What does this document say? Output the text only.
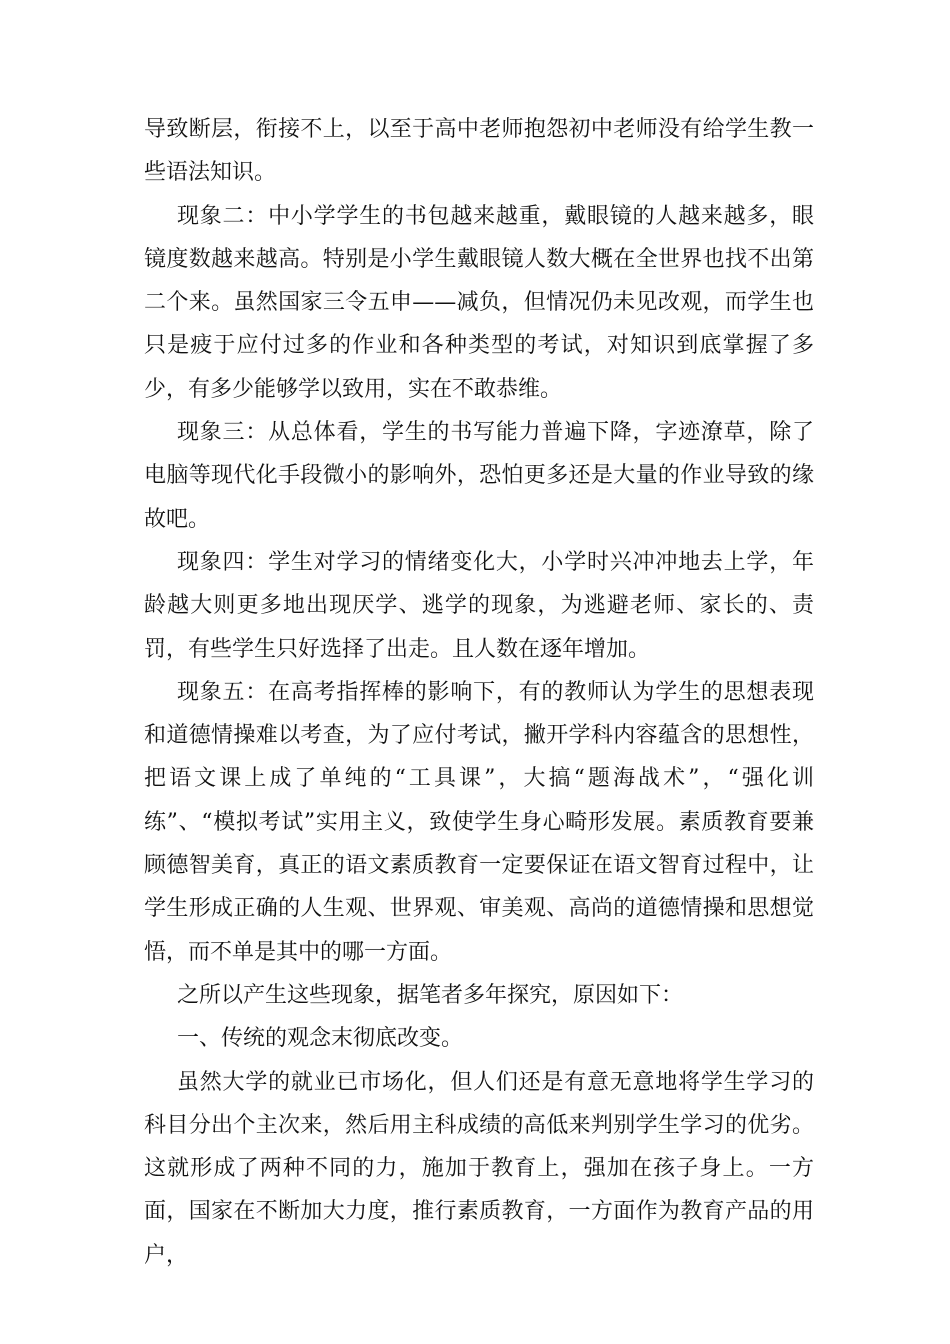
导致断层，衔接不上，以至于高中老师抱怨初中老师没有给学生教一些语法知识。

现象二：中小学学生的书包越来越重，戴眼镜的人越来越多，眼镜度数越来越高。特别是小学生戴眼镜人数大概在全世界也找不出第二个来。虽然国家三令五申——减负，但情况仍未见改观，而学生也只是疲于应付过多的作业和各种类型的考试，对知识到底掌握了多少，有多少能够学以致用，实在不敢恭维。

现象三：从总体看，学生的书写能力普遍下降，字迹潦草，除了电脑等现代化手段微小的影响外，恐怕更多还是大量的作业导致的缘故吧。

现象四：学生对学习的情绪变化大，小学时兴冲冲地去上学，年龄越大则更多地出现厌学、逃学的现象，为逃避老师、家长的、责罚，有些学生只好选择了出走。且人数在逐年增加。

现象五：在高考指挥棒的影响下，有的教师认为学生的思想表现和道德情操难以考查，为了应付考试，撇开学科内容蕴含的思想性，把语文课上成了单纯的“工具课”，大搞“题海战术”，“强化训练”、“模拟考试”实用主义，致使学生身心畸形发展。素质教育要兼顾德智美育，真正的语文素质教育一定要保证在语文智育过程中，让学生形成正确的人生观、世界观、审美观、高尚的道德情操和思想觉悟，而不单是其中的哪一方面。

之所以产生这些现象，据笔者多年探究，原因如下：

一、传统的观念末彻底改变。

虽然大学的就业已市场化，但人们还是有意无意地将学生学习的科目分出个主次来，然后用主科成绩的高低来判别学生学习的优劣。这就形成了两种不同的力，施加于教育上，强加在孩子身上。一方面，国家在不断加大力度，推行素质教育，一方面作为教育产品的用户，
